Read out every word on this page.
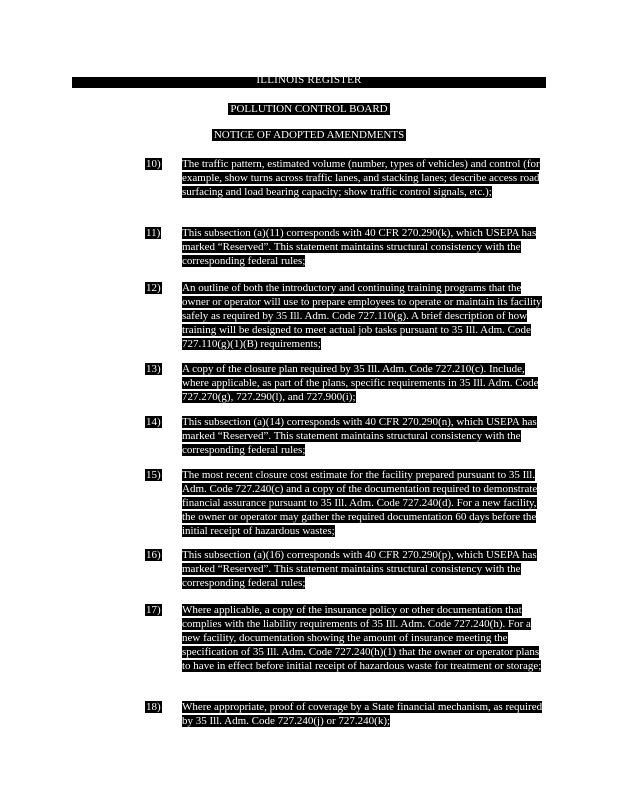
ILLINOIS REGISTER
POLLUTION CONTROL BOARD
NOTICE OF ADOPTED AMENDMENTS
10) The traffic pattern, estimated volume (number, types of vehicles) and control (for example, show turns across traffic lanes, and stacking lanes; describe access road surfacing and load bearing capacity; show traffic control signals, etc.);
11) This subsection (a)(11) corresponds with 40 CFR 270.290(k), which USEPA has marked “Reserved”. This statement maintains structural consistency with the corresponding federal rules;
12) An outline of both the introductory and continuing training programs that the owner or operator will use to prepare employees to operate or maintain its facility safely as required by 35 Ill. Adm. Code 727.110(g). A brief description of how training will be designed to meet actual job tasks pursuant to 35 Ill. Adm. Code 727.110(g)(1)(B) requirements;
13) A copy of the closure plan required by 35 Ill. Adm. Code 727.210(c). Include, where applicable, as part of the plans, specific requirements in 35 Ill. Adm. Code 727.270(g), 727.290(l), and 727.900(i);
14) This subsection (a)(14) corresponds with 40 CFR 270.290(n), which USEPA has marked “Reserved”. This statement maintains structural consistency with the corresponding federal rules;
15) The most recent closure cost estimate for the facility prepared pursuant to 35 Ill. Adm. Code 727.240(c) and a copy of the documentation required to demonstrate financial assurance pursuant to 35 Ill. Adm. Code 727.240(d). For a new facility, the owner or operator may gather the required documentation 60 days before the initial receipt of hazardous wastes;
16) This subsection (a)(16) corresponds with 40 CFR 270.290(p), which USEPA has marked “Reserved”. This statement maintains structural consistency with the corresponding federal rules;
17) Where applicable, a copy of the insurance policy or other documentation that complies with the liability requirements of 35 Ill. Adm. Code 727.240(h). For a new facility, documentation showing the amount of insurance meeting the specification of 35 Ill. Adm. Code 727.240(h)(1) that the owner or operator plans to have in effect before initial receipt of hazardous waste for treatment or storage;
18) Where appropriate, proof of coverage by a State financial mechanism, as required by 35 Ill. Adm. Code 727.240(j) or 727.240(k);
